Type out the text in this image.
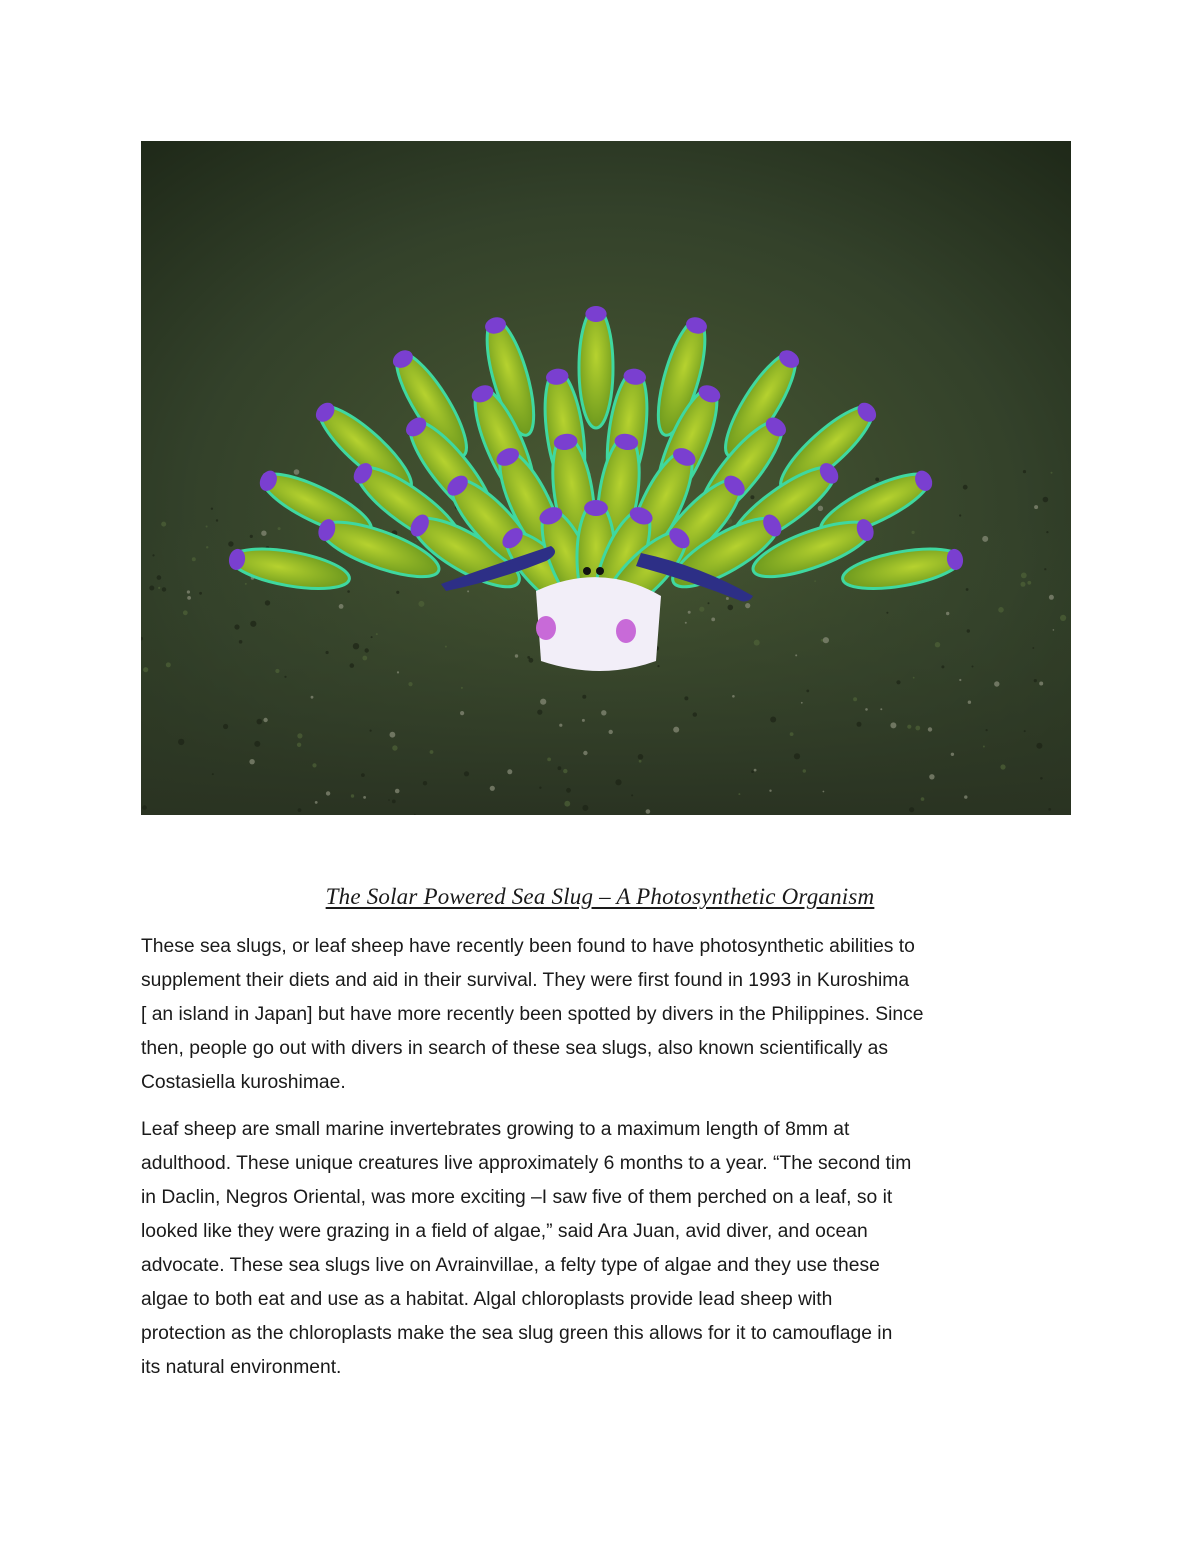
The Solar Powered Sea Slug – A Photosynthetic Organism

These sea slugs, or leaf sheep have recently been found to have photosynthetic abilities to
supplement their diets and aid in their survival. They were first found in 1993 in Kuroshima
[ an island in Japan] but have more recently been spotted by divers in the Philippines. Since
then, people go out with divers in search of these sea slugs, also known scientifically as
Costasiella kuroshimae.

Leaf sheep are small marine invertebrates growing to a maximum length of 8mm at
adulthood. These unique creatures live approximately 6 months to a year. “The second tim
in Daclin, Negros Oriental, was more exciting –I saw five of them perched on a leaf, so it
looked like they were grazing in a field of algae,” said Ara Juan, avid diver, and ocean
advocate. These sea slugs live on Avrainvillae, a felty type of algae and they use these
algae to both eat and use as a habitat. Algal chloroplasts provide lead sheep with
protection as the chloroplasts make the sea slug green this allows for it to camouflage in
its natural environment.
